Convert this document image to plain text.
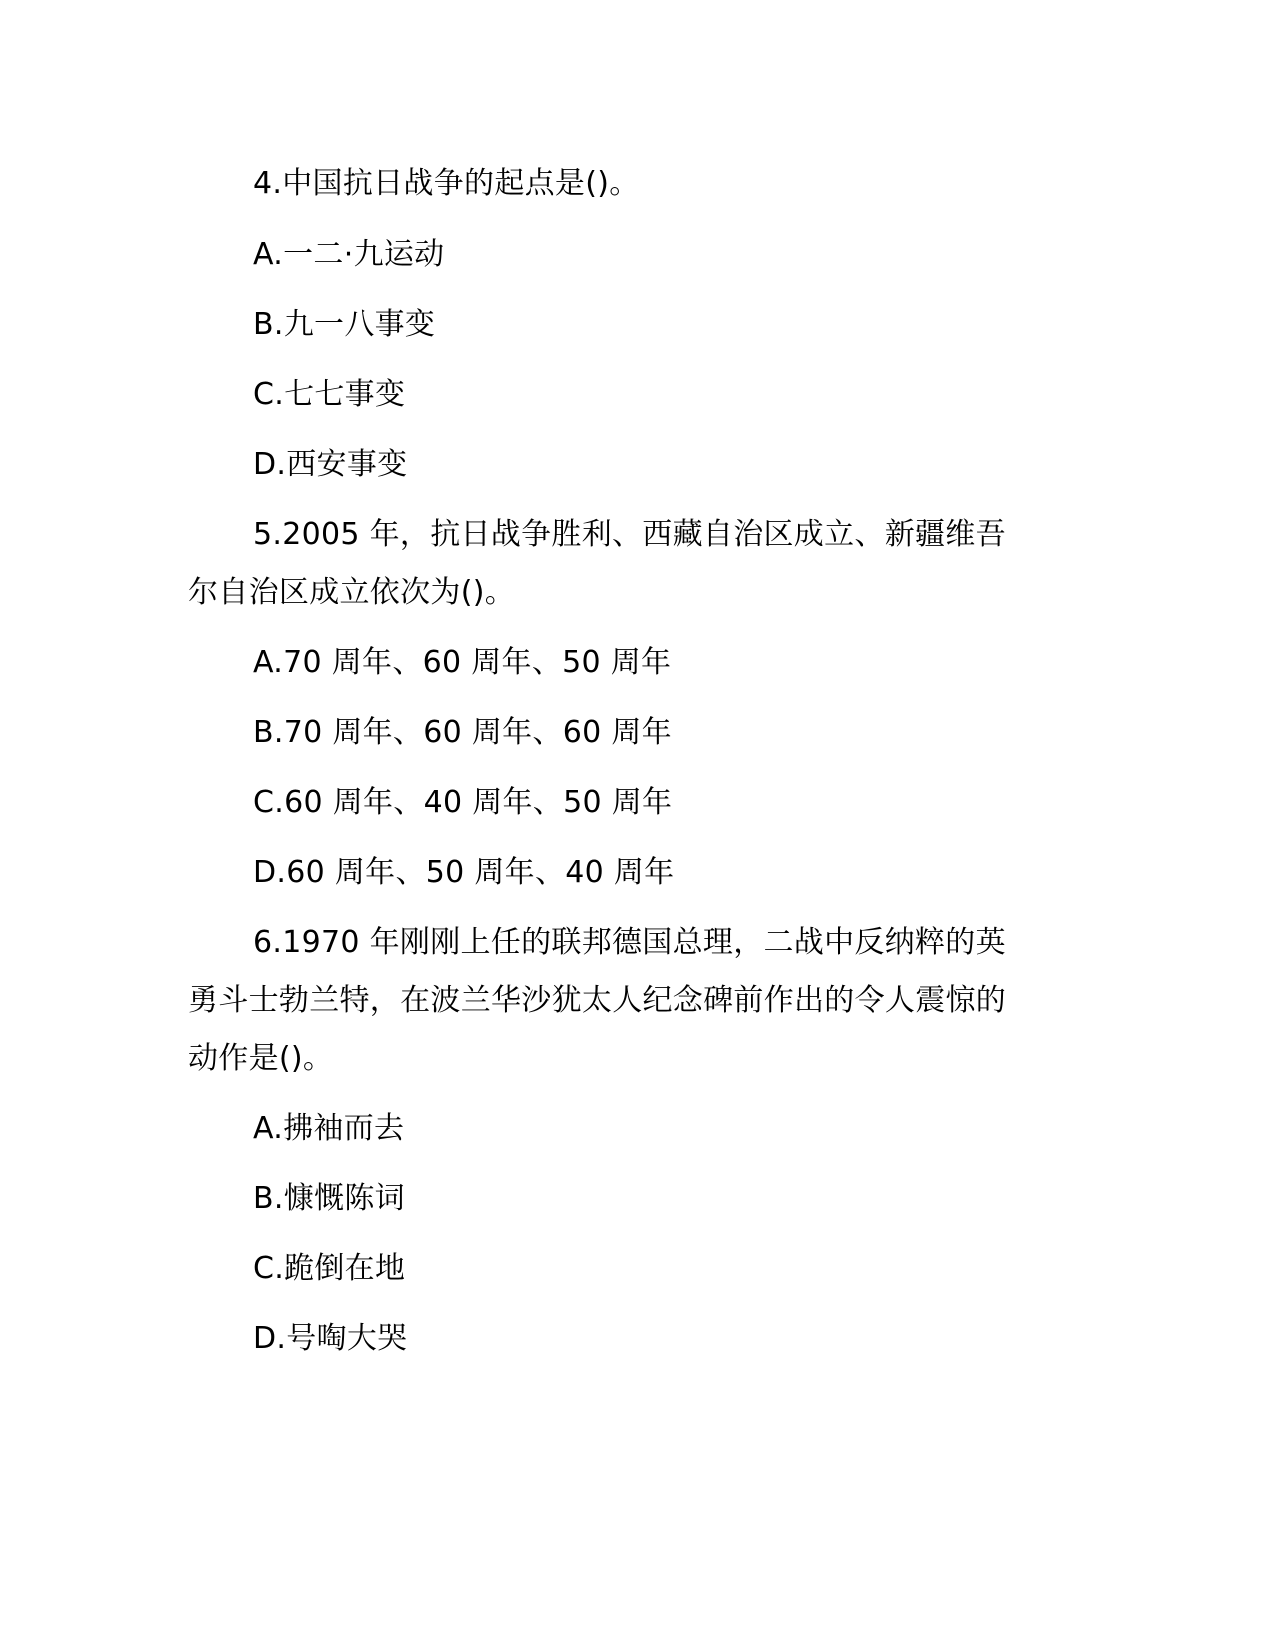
4.中国抗日战争的起点是()。
A.一二·九运动
B.九一八事变
C.七七事变
D.西安事变
5.2005 年，抗日战争胜利、西藏自治区成立、新疆维吾
尔自治区成立依次为()。
A.70 周年、60 周年、50 周年
B.70 周年、60 周年、60 周年
C.60 周年、40 周年、50 周年
D.60 周年、50 周年、40 周年
6.1970 年刚刚上任的联邦德国总理，二战中反纳粹的英
勇斗士勃兰特，在波兰华沙犹太人纪念碑前作出的令人震惊的
动作是()。
A.拂袖而去
B.慷慨陈词
C.跪倒在地
D.号啕大哭
